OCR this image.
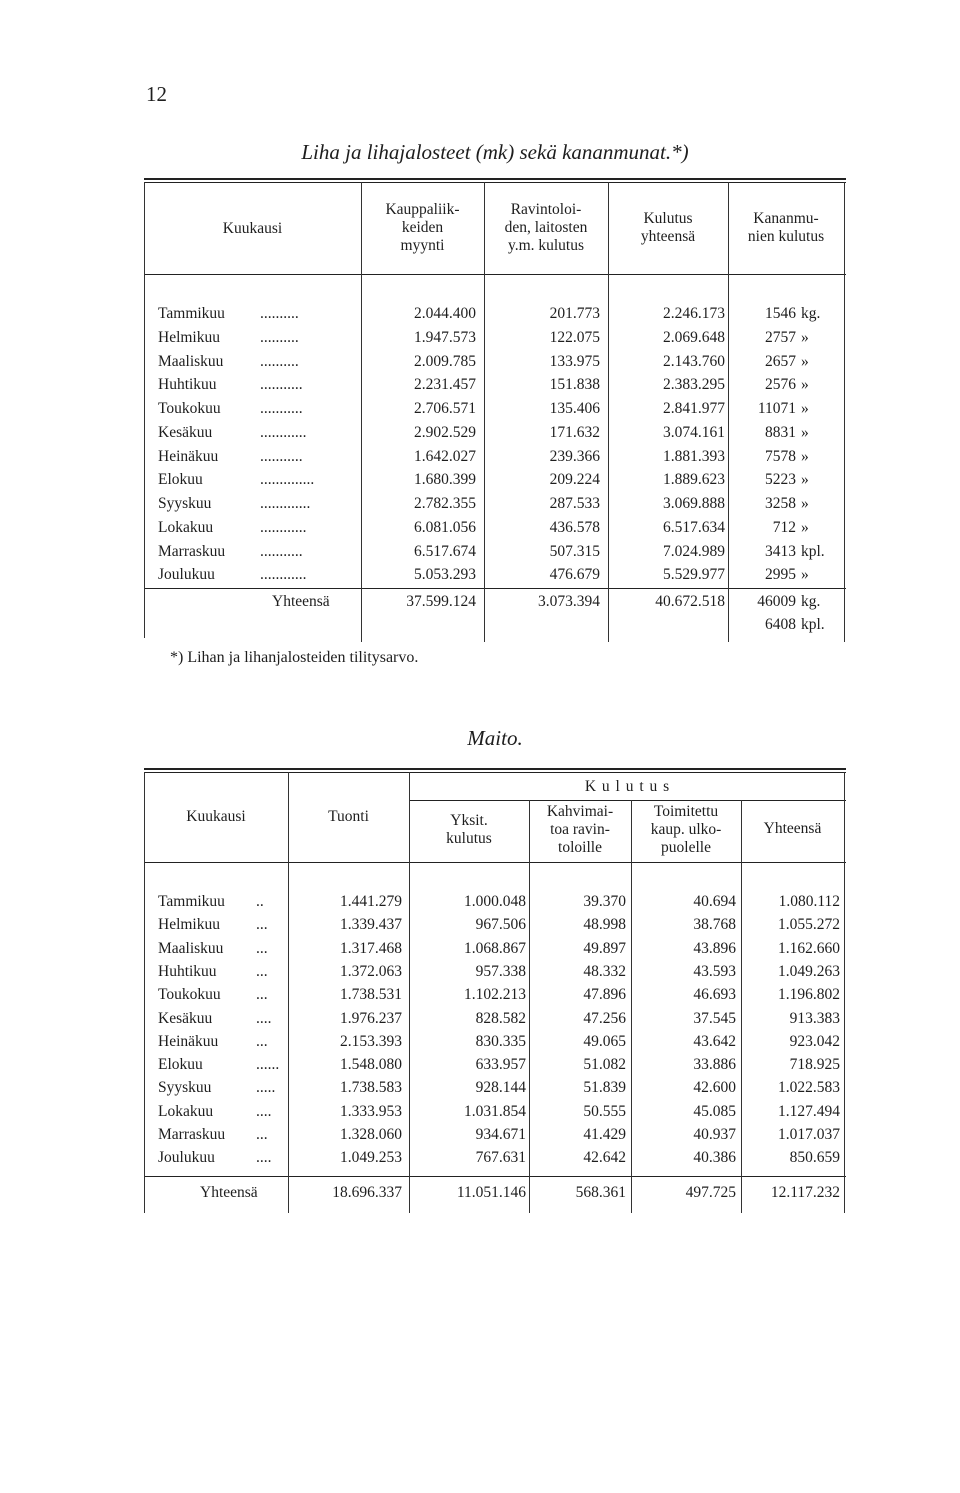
12
Liha ja lihajalosteet (mk) sekä kananmunat.*)
Kuukausi
Kauppaliik-
keiden
myynti
Ravintoloi-
den, laitosten
y.m. kulutus
Kulutus
yhteensä
Kananmu-
nien kulutus
Tammikuu ..........	2.044.400	201.773	2.246.173	1546 kg.
Helmikuu	..........	1.947.573	122.075	2.069.648	2757 »
Maaliskuu ..........	2.009.785	133.975	2.143.760	2657 »
Huhtikuu	...........	2.231.457	151.838	2.383.295	2576 »
Toukokuu	...........	2.706.571	135.406	2.841.977 11071 »
Kesäkuu	............	2.902.529	171.632	3.074.161	8831 »
Heinäkuu	...........	1.642.027	239.366	1.881.393	7578 »
Elokuu	..............	1.680.399	209.224	1.889.623	5223 »
Syyskuu	.............	2.782.355	287.533	3.069.888	3258 »
Lokakuu	............	6.081.056	436.578	6.517.634	712 »
Marraskuu ...........	6.517.674	507.315	7.024.989	3413 kpl.
Joulukuu	............	5.053.293	476.679	5.529.977	2995 »
Yhteensä	37.599.124	3.073.394	40.672.518 46009 kg.
6408 kpl.
*) Lihan ja lihanjalosteiden tilitysarvo.
Maito.
Kuukausi	Tuonti
K u l u t u s
Yksit.
kulutus
Kahvimai-
toa ravin-
toloille
Toimitettu
kaup. ulko-
puolelle
Yhteensä
Tammikuu ..	1.441.279	1.000.048	39.370	40.694	1.080.112
Helmikuu ...	1.339.437	967.506	48.998	38.768	1.055.272
Maaliskuu ...	1.317.468	1.068.867	49.897	43.896	1.162.660
Huhtikuu	...	1.372.063	957.338	48.332	43.593	1.049.263
Toukokuu ...	1.738.531	1.102.213	47.896	46.693	1.196.802
Kesäkuu	....	1.976.237	828.582	47.256	37.545	913.383
Heinäkuu ...	2.153.393	830.335	49.065	43.642	923.042
Elokuu	......	1.548.080	633.957	51.082	33.886	718.925
Syyskuu	.....	1.738.583	928.144	51.839	42.600	1.022.583
Lokakuu	....	1.333.953	1.031.854	50.555	45.085	1.127.494
Marraskuu ...	1.328.060	934.671	41.429	40.937	1.017.037
Joulukuu	....	1.049.253	767.631	42.642	40.386	850.659
Yhteensä	18.696.337	11.051.146	568.361	497.725 12.117.232
